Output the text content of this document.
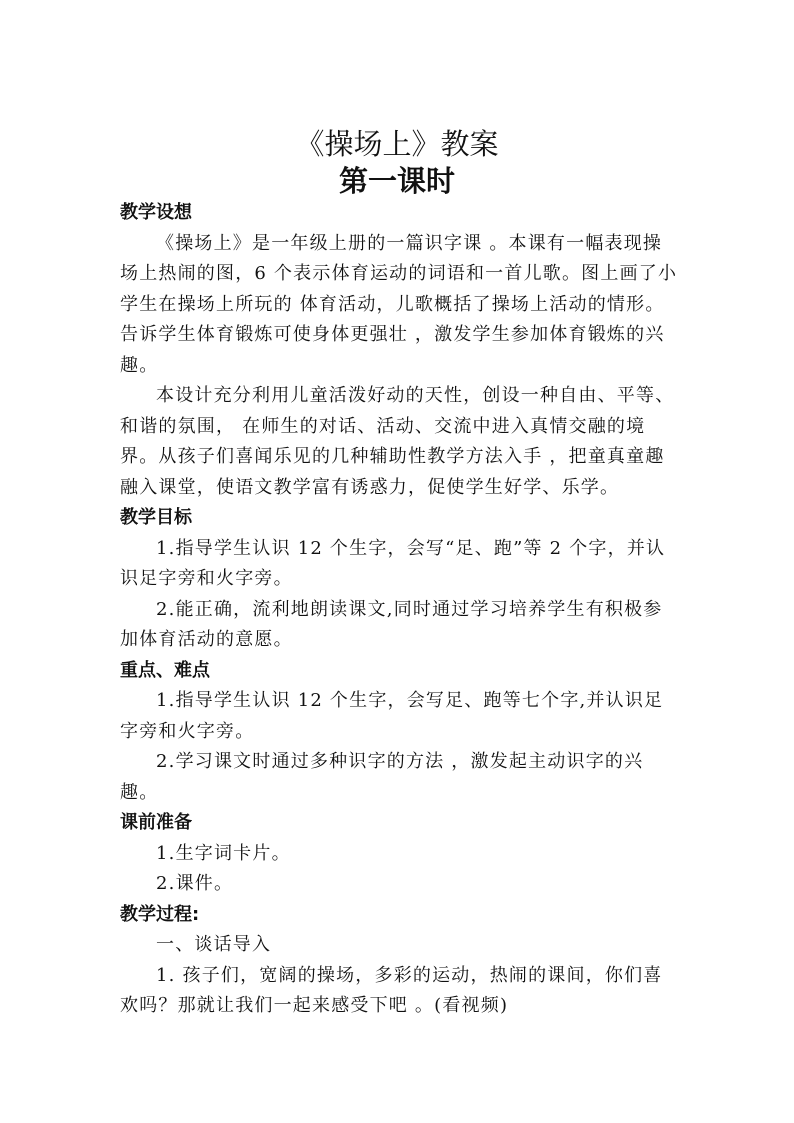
《操场上》教案
第一课时

教学设想

《操场上》是一年级上册的一篇识字课 。本课有一幅表现操场上热闹的图，6 个表示体育运动的词语和一首儿歌。图上画了小学生在操场上所玩的 体育活动，儿歌概括了操场上活动的情形。告诉学生体育锻炼可使身体更强壮 ，激发学生参加体育锻炼的兴趣。

本设计充分利用儿童活泼好动的天性，创设一种自由、平等、和谐的氛围， 在师生的对话、活动、交流中进入真情交融的境界。从孩子们喜闻乐见的几种辅助性教学方法入手 ，把童真童趣融入课堂，使语文教学富有诱惑力，促使学生好学、乐学。

教学目标

1.指导学生认识 12 个生字，会写“足、跑”等 2 个字，并认识足字旁和火字旁。

2.能正确，流利地朗读课文,同时通过学习培养学生有积极参加体育活动的意愿。

重点、难点

1.指导学生认识 12 个生字，会写足、跑等七个字,并认识足字旁和火字旁。

2.学习课文时通过多种识字的方法 ，激发起主动识字的兴趣。

课前准备

1.生字词卡片。

2.课件。

教学过程:

一、谈话导入

1. 孩子们，宽阔的操场，多彩的运动，热闹的课间，你们喜欢吗？那就让我们一起来感受下吧 。(看视频)
